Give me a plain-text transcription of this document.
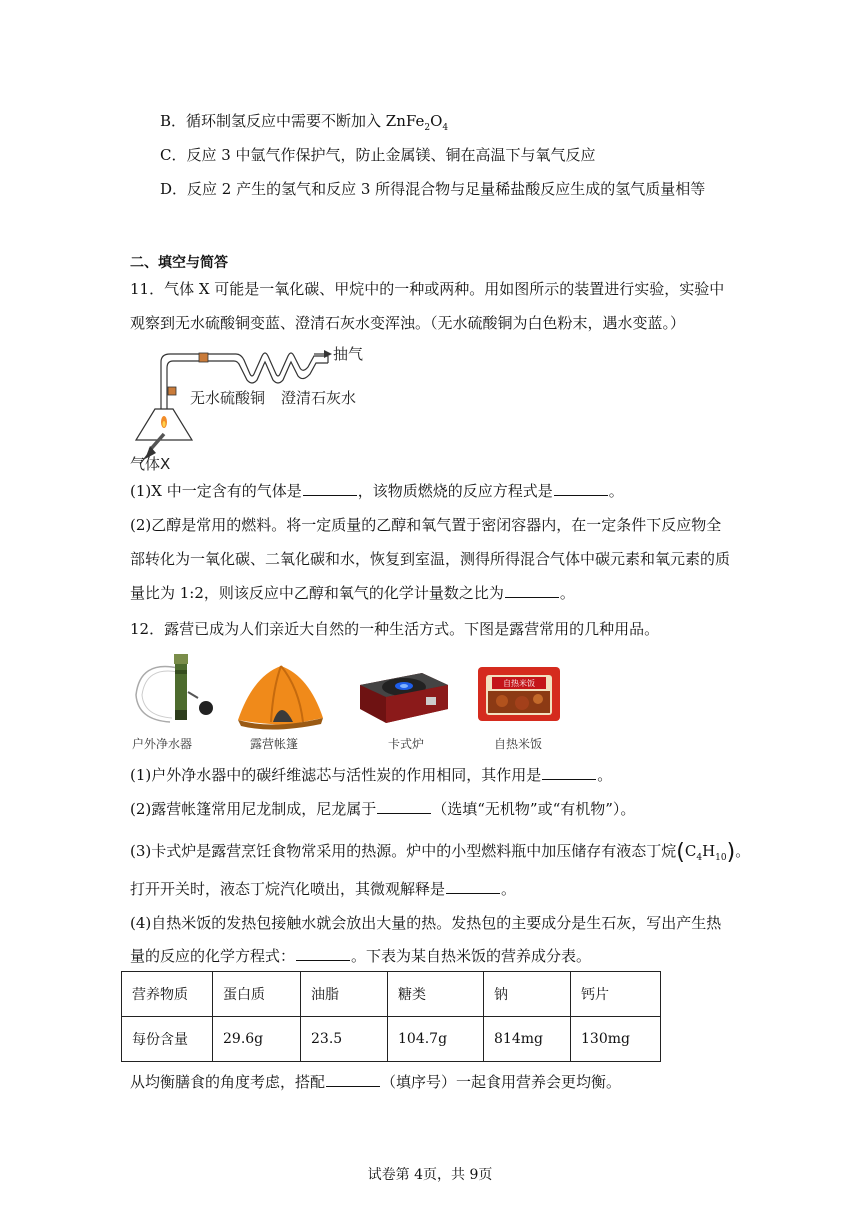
B．循环制氢反应中需要不断加入 $ZnFe_2O_4$
C．反应 3 中氩气作保护气，防止金属镁、铜在高温下与氧气反应
D．反应 2 产生的氢气和反应 3 所得混合物与足量稀盐酸反应生成的氢气质量相等
二、填空与简答
11．气体 X 可能是一氧化碳、甲烷中的一种或两种。用如图所示的装置进行实验，实验中
观察到无水硫酸铜变蓝、澄清石灰水变浑浊。（无水硫酸铜为白色粉末，遇水变蓝。）
抽气
无水硫酸铜 澄清石灰水
气体X
(1)X 中一定含有的气体是	，该物质燃烧的反应方程式是	。
(2)乙醇是常用的燃料。将一定质量的乙醇和氧气置于密闭容器内，在一定条件下反应物全
部转化为一氧化碳、二氧化碳和水，恢复到室温，测得所得混合气体中碳元素和氧元素的质
量比为 1:2，则该反应中乙醇和氧气的化学计量数之比为	。
12．露营已成为人们亲近大自然的一种生活方式。下图是露营常用的几种用品。
自热米饭
户外净水器	露营帐篷	卡式炉	自热米饭
(1)户外净水器中的碳纤维滤芯与活性炭的作用相同，其作用是	。
(2)露营帐篷常用尼龙制成，尼龙属于	（选填“无机物”或“有机物”）。
(3)卡式炉是露营烹饪食物常采用的热源。炉中的小型燃料瓶中加压储存有液态丁烷$(C_4H_{10})$。
打开开关时，液态丁烷汽化喷出，其微观解释是	。
(4)自热米饭的发热包接触水就会放出大量的热。发热包的主要成分是生石灰，写出产生热
量的反应的化学方程式：	。下表为某自热米饭的营养成分表。
营养物质	蛋白质	油脂	糖类	钠	钙片
每份含量	29.6g	23.5	104.7g	814mg	130mg
从均衡膳食的角度考虑，搭配	（填序号）一起食用营养会更均衡。
试卷第 4页，共 9页
